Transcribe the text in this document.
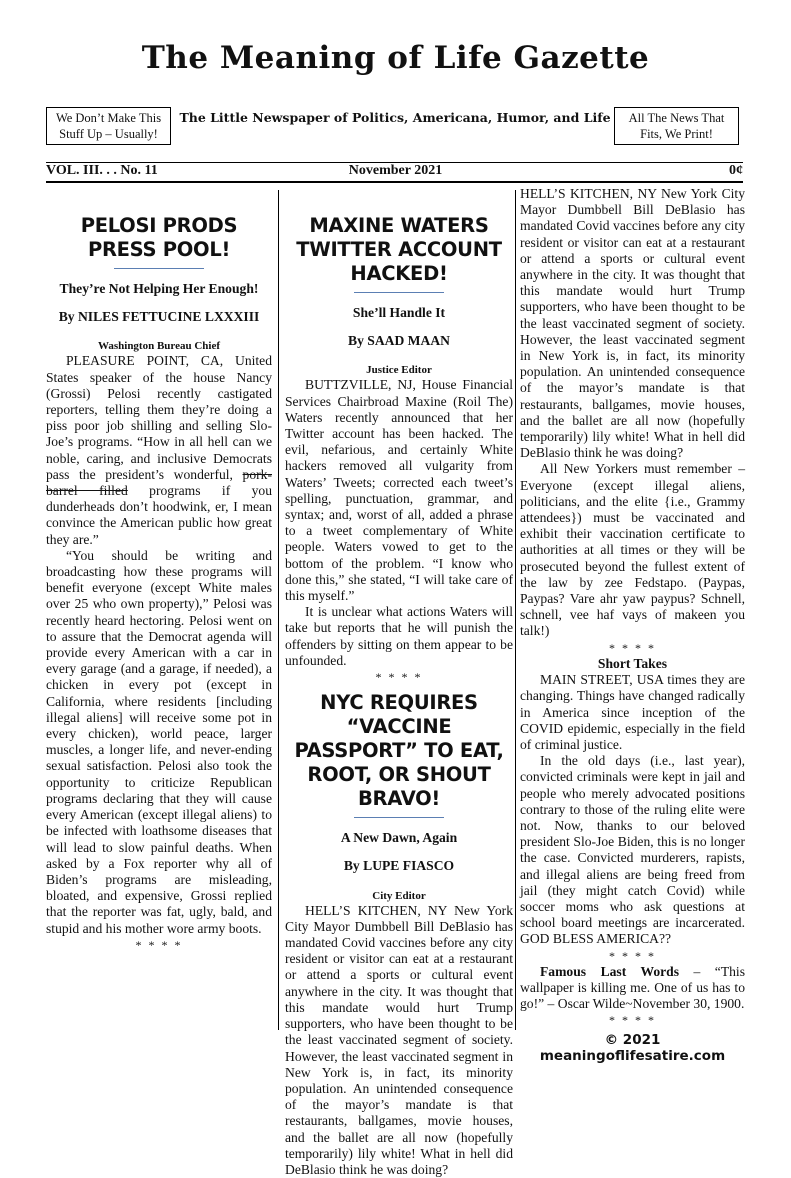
The Meaning of Life Gazette
We Don’t Make This Stuff Up – Usually!
The Little Newspaper of Politics, Americana, Humor, and Life	All The News That Fits, We Print!
VOL. III. . . No. 11	November 2021	0¢
PELOSI PRODS PRESS POOL!
They’re Not Helping Her Enough!
By NILES FETTUCINE LXXXIII
Washington Bureau Chief

PLEASURE POINT, CA, United States speaker of the house Nancy (Grossi) Pelosi recently castigated reporters, telling them they’re doing a piss poor job shilling and selling Slo-Joe’s programs. “How in all hell can we noble, caring, and inclusive Democrats pass the president’s wonderful, pork-barrel filled programs if you dunderheads don’t hoodwink, er, I mean convince the American public how great they are.”

“You should be writing and broadcasting how these programs will benefit everyone (except White males over 25 who own property),” Pelosi was recently heard hectoring. Pelosi went on to assure that the Democrat agenda will provide every American with a car in every garage (and a garage, if needed), a chicken in every pot (except in California, where residents [including illegal aliens] will receive some pot in every chicken), world peace, larger muscles, a longer life, and never-ending sexual satisfaction. Pelosi also took the opportunity to criticize Republican programs declaring that they will cause every American (except illegal aliens) to be infected with loathsome diseases that will lead to slow painful deaths. When asked by a Fox reporter why all of Biden’s programs are misleading, bloated, and expensive, Grossi replied that the reporter was fat, ugly, bald, and stupid and his mother wore army boots.

* * * *

MAXINE WATERS TWITTER ACCOUNT HACKED!
She’ll Handle It
By SAAD MAAN
Justice Editor

BUTTZVILLE, NJ, House Financial Services Chairbroad Maxine (Roil The) Waters recently announced that her Twitter account has been hacked. The evil, nefarious, and certainly White hackers removed all vulgarity from Waters’ Tweets; corrected each tweet’s spelling, punctuation, grammar, and syntax; and, worst of all, added a phrase to a tweet complementary of White people. Waters vowed to get to the bottom of the problem. “I know who done this,” she stated, “I will take care of this myself.”

It is unclear what actions Waters will take but reports that he will punish the offenders by sitting on them appear to be unfounded.

* * * *

NYC REQUIRES “VACCINE PASSPORT” TO EAT, ROOT, OR SHOUT BRAVO!
A New Dawn, Again
By LUPE FIASCO
City Editor

HELL’S KITCHEN, NY New York City Mayor Dumbbell Bill DeBlasio has mandated Covid vaccines before any city resident or visitor can eat at a restaurant or attend a sports or cultural event anywhere in the city. It was thought that this mandate would hurt Trump supporters, who have been thought to be the least vaccinated segment of society. However, the least vaccinated segment in New York is, in fact, its minority population. An unintended consequence of the mayor’s mandate is that restaurants, ballgames, movie houses, and the ballet are all now (hopefully temporarily) lily white! What in hell did DeBlasio think he was doing?

HELL’S KITCHEN, NY New York City Mayor Dumbbell Bill DeBlasio has mandated Covid vaccines before any city resident or visitor can eat at a restaurant or attend a sports or cultural event anywhere in the city. It was thought that this mandate would hurt Trump supporters, who have been thought to be the least vaccinated segment of society. However, the least vaccinated segment in New York is, in fact, its minority population. An unintended consequence of the mayor’s mandate is that restaurants, ballgames, movie houses, and the ballet are all now (hopefully temporarily) lily white! What in hell did DeBlasio think he was doing?

All New Yorkers must remember – Everyone (except illegal aliens, politicians, and the elite {i.e., Grammy attendees}) must be vaccinated and exhibit their vaccination certificate to authorities at all times or they will be prosecuted beyond the fullest extent of the law by zee Fedstapo. (Paypas, Paypas? Vare ahr yaw paypus? Schnell, schnell, vee haf vays of makeen you talk!)

* * * *

Short Takes

MAIN STREET, USA times they are changing. Things have changed radically in America since inception of the COVID epidemic, especially in the field of criminal justice.

In the old days (i.e., last year), convicted criminals were kept in jail and people who merely advocated positions contrary to those of the ruling elite were not. Now, thanks to our beloved president Slo-Joe Biden, this is no longer the case. Convicted murderers, rapists, and illegal aliens are being freed from jail (they might catch Covid) while soccer moms who ask questions at school board meetings are incarcerated. GOD BLESS AMERICA??

* * * *

Famous Last Words – “This wallpaper is killing me. One of us has to go!” – Oscar Wilde~November 30, 1900.

* * * *

© 2021 meaningoflifesatire.com
